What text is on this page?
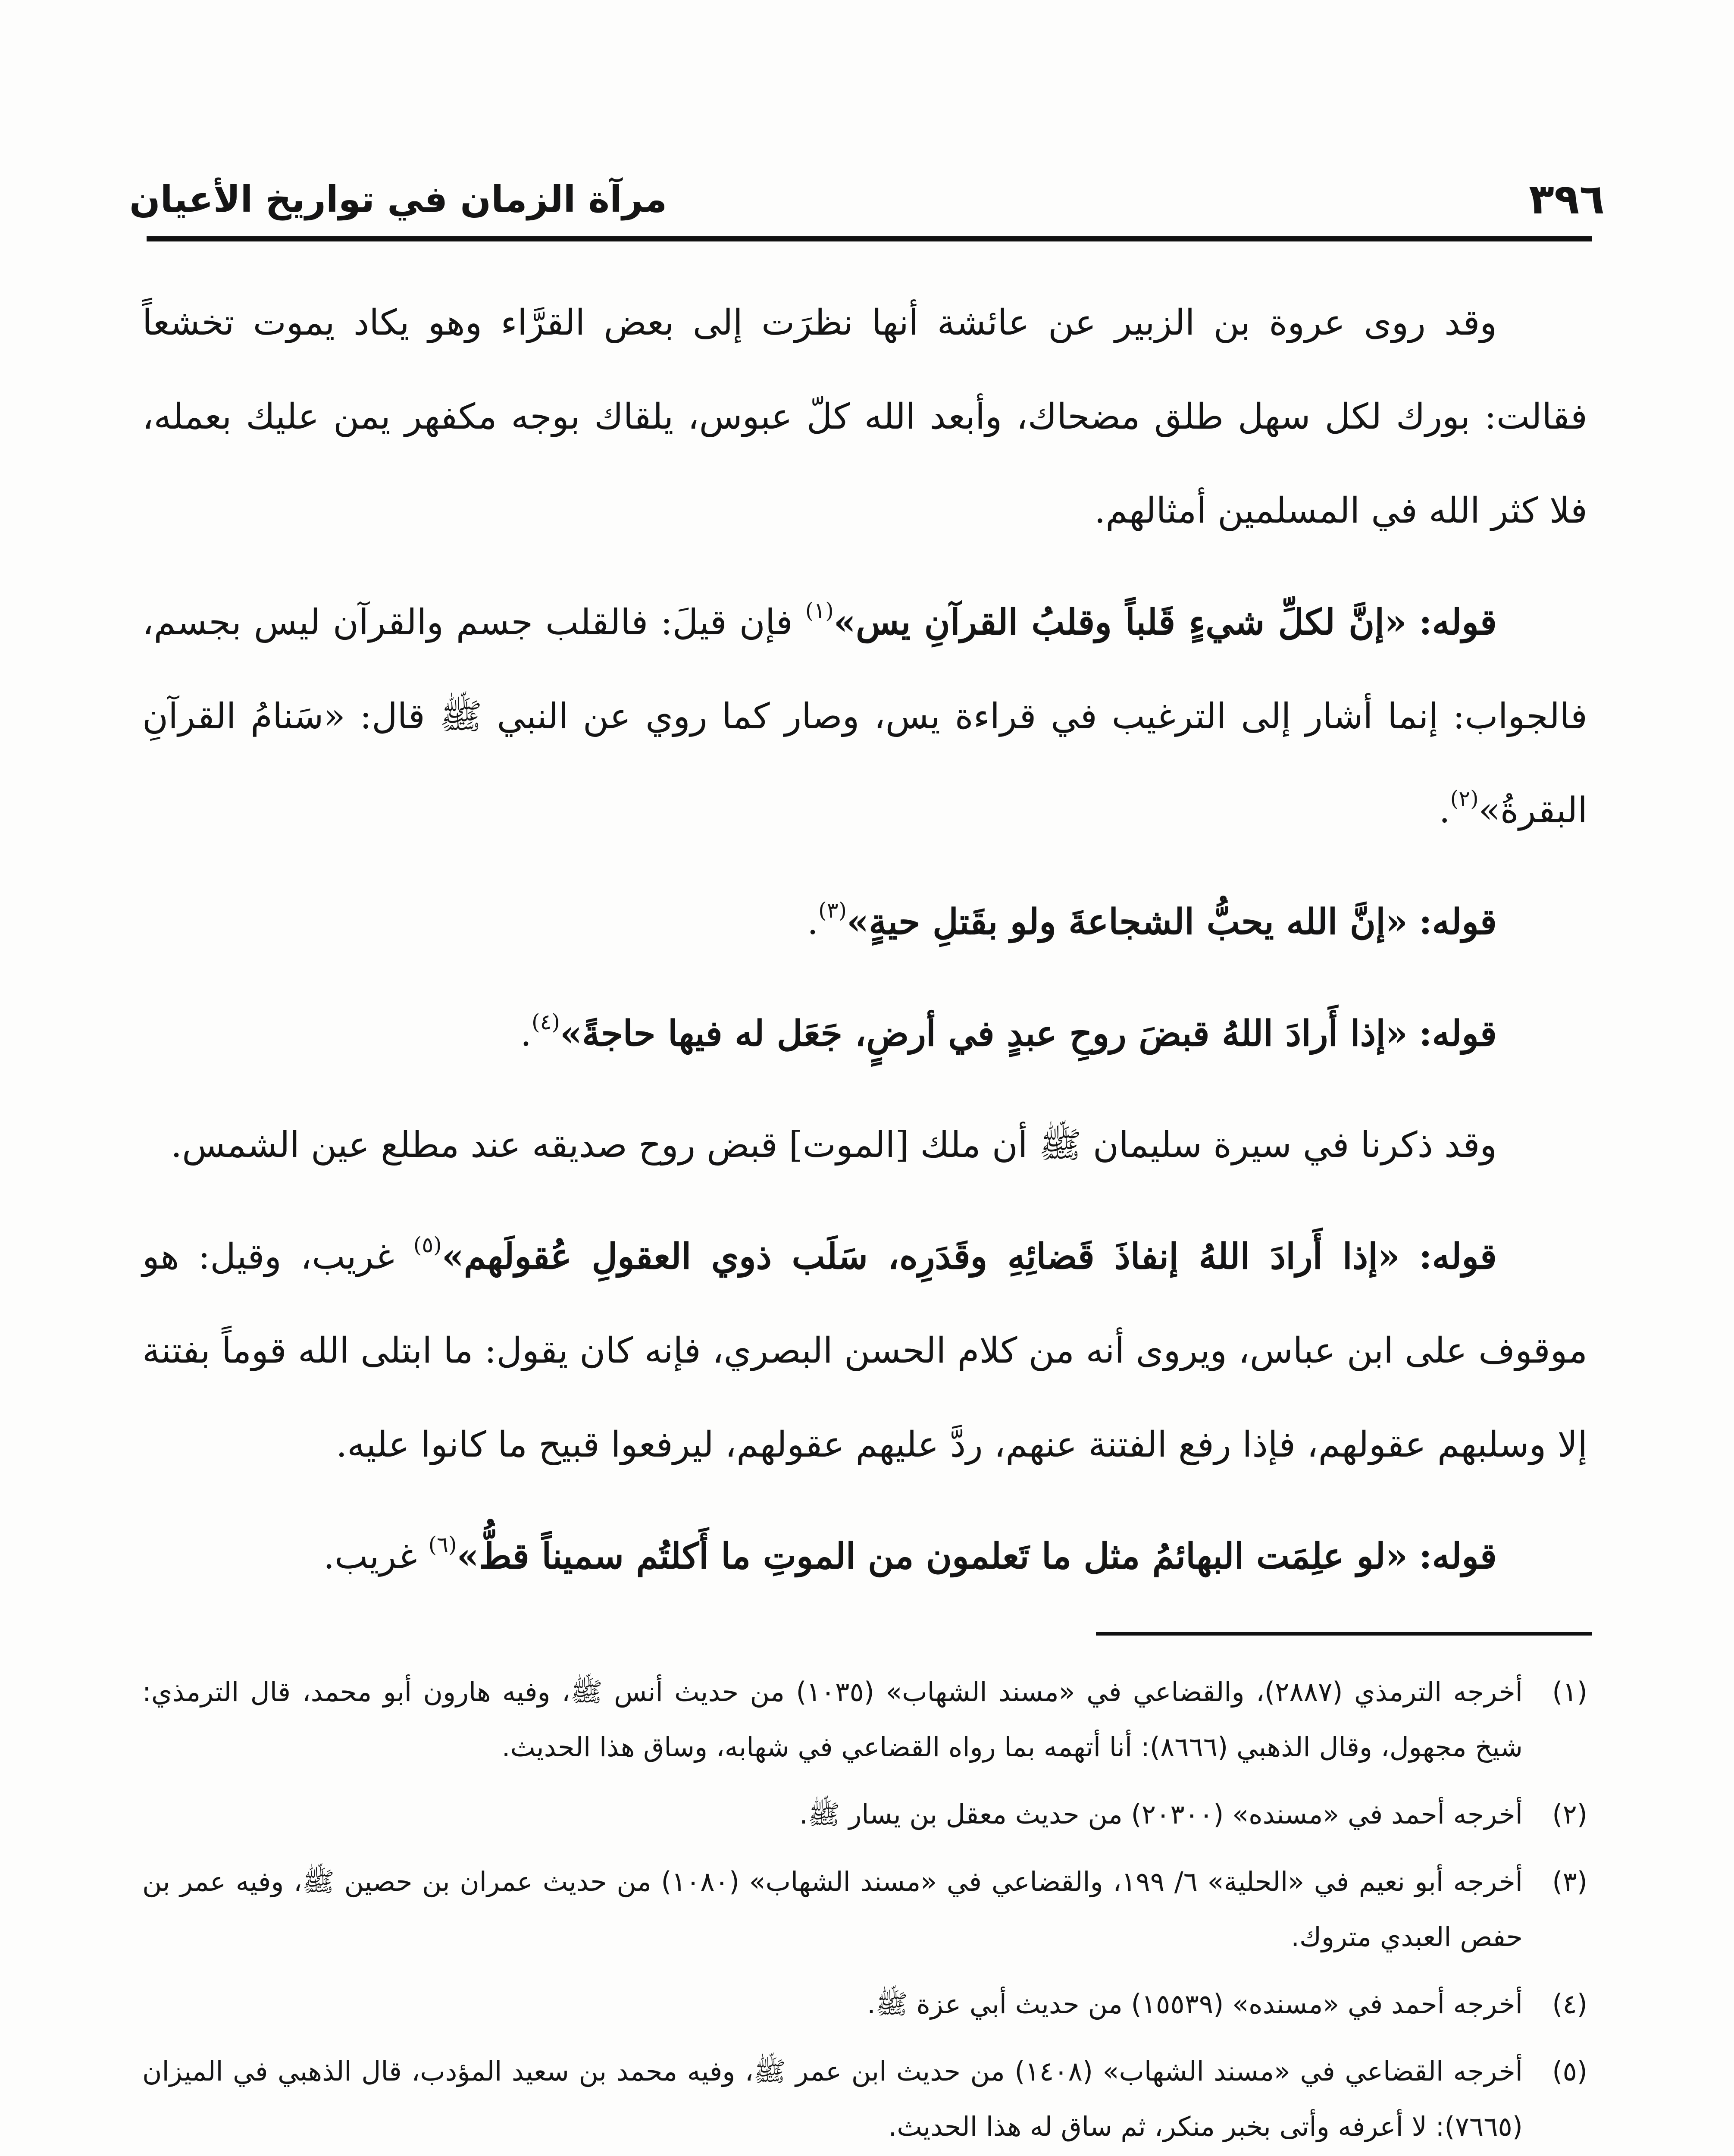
٣٩٦
مرآة الزمان في تواريخ الأعيان

وقد روى عروة بن الزبير عن عائشة أنها نظرَت إلى بعض القرَّاء وهو يكاد يموت تخشعاً فقالت: بورك لكل سهل طلق مضحاك، وأبعد الله كلّ عبوس، يلقاك بوجه مكفهر يمن عليك بعمله، فلا كثر الله في المسلمين أمثالهم.

قوله: «إنَّ لكلِّ شيءٍ قَلباً وقلبُ القرآنِ يس»$^{(١)}$ فإن قيلَ: فالقلب جسم والقرآن ليس بجسم، فالجواب: إنما أشار إلى الترغيب في قراءة يس، وصار كما روي عن النبي ﷺ قال: «سَنامُ القرآنِ البقرةُ»$^{(٢)}$.

قوله: «إنَّ الله يحبُّ الشجاعةَ ولو بقَتلِ حيةٍ»$^{(٣)}$.

قوله: «إذا أَرادَ اللهُ قبضَ روحِ عبدٍ في أرضٍ، جَعَل له فيها حاجةً»$^{(٤)}$.

وقد ذكرنا في سيرة سليمان ﷺ أن ملك [الموت] قبض روح صديقه عند مطلع عين الشمس.

قوله: «إذا أَرادَ اللهُ إنفاذَ قَضائِهِ وقَدَرِه، سَلَب ذوي العقولِ عُقولَهم»$^{(٥)}$ غريب، وقيل: هو موقوف على ابن عباس، ويروى أنه من كلام الحسن البصري، فإنه كان يقول: ما ابتلى الله قوماً بفتنة إلا وسلبهم عقولهم، فإذا رفع الفتنة عنهم، ردَّ عليهم عقولهم، ليرفعوا قبيح ما كانوا عليه.

قوله: «لو علِمَت البهائمُ مثل ما تَعلمون من الموتِ ما أَكلتُم سميناً قطُّ»$^{(٦)}$ غريب.

(١)
أخرجه الترمذي (٢٨٨٧)، والقضاعي في «مسند الشهاب» (١٠٣٥) من حديث أنس ﷺ، وفيه هارون أبو محمد، قال الترمذي: شيخ مجهول، وقال الذهبي (٨٦٦٦): أنا أتهمه بما رواه القضاعي في شهابه، وساق هذا الحديث.
(٢)
أخرجه أحمد في «مسنده» (٢٠٣٠٠) من حديث معقل بن يسار ﷺ.
(٣)
أخرجه أبو نعيم في «الحلية» ٦/ ١٩٩، والقضاعي في «مسند الشهاب» (١٠٨٠) من حديث عمران بن حصين ﷺ، وفيه عمر بن حفص العبدي متروك.
(٤)
أخرجه أحمد في «مسنده» (١٥٥٣٩) من حديث أبي عزة ﷺ.
(٥)
أخرجه القضاعي في «مسند الشهاب» (١٤٠٨) من حديث ابن عمر ﷺ، وفيه محمد بن سعيد المؤدب، قال الذهبي في الميزان (٧٦٦٥): لا أعرفه وأتى بخبر منكر، ثم ساق له هذا الحديث.
